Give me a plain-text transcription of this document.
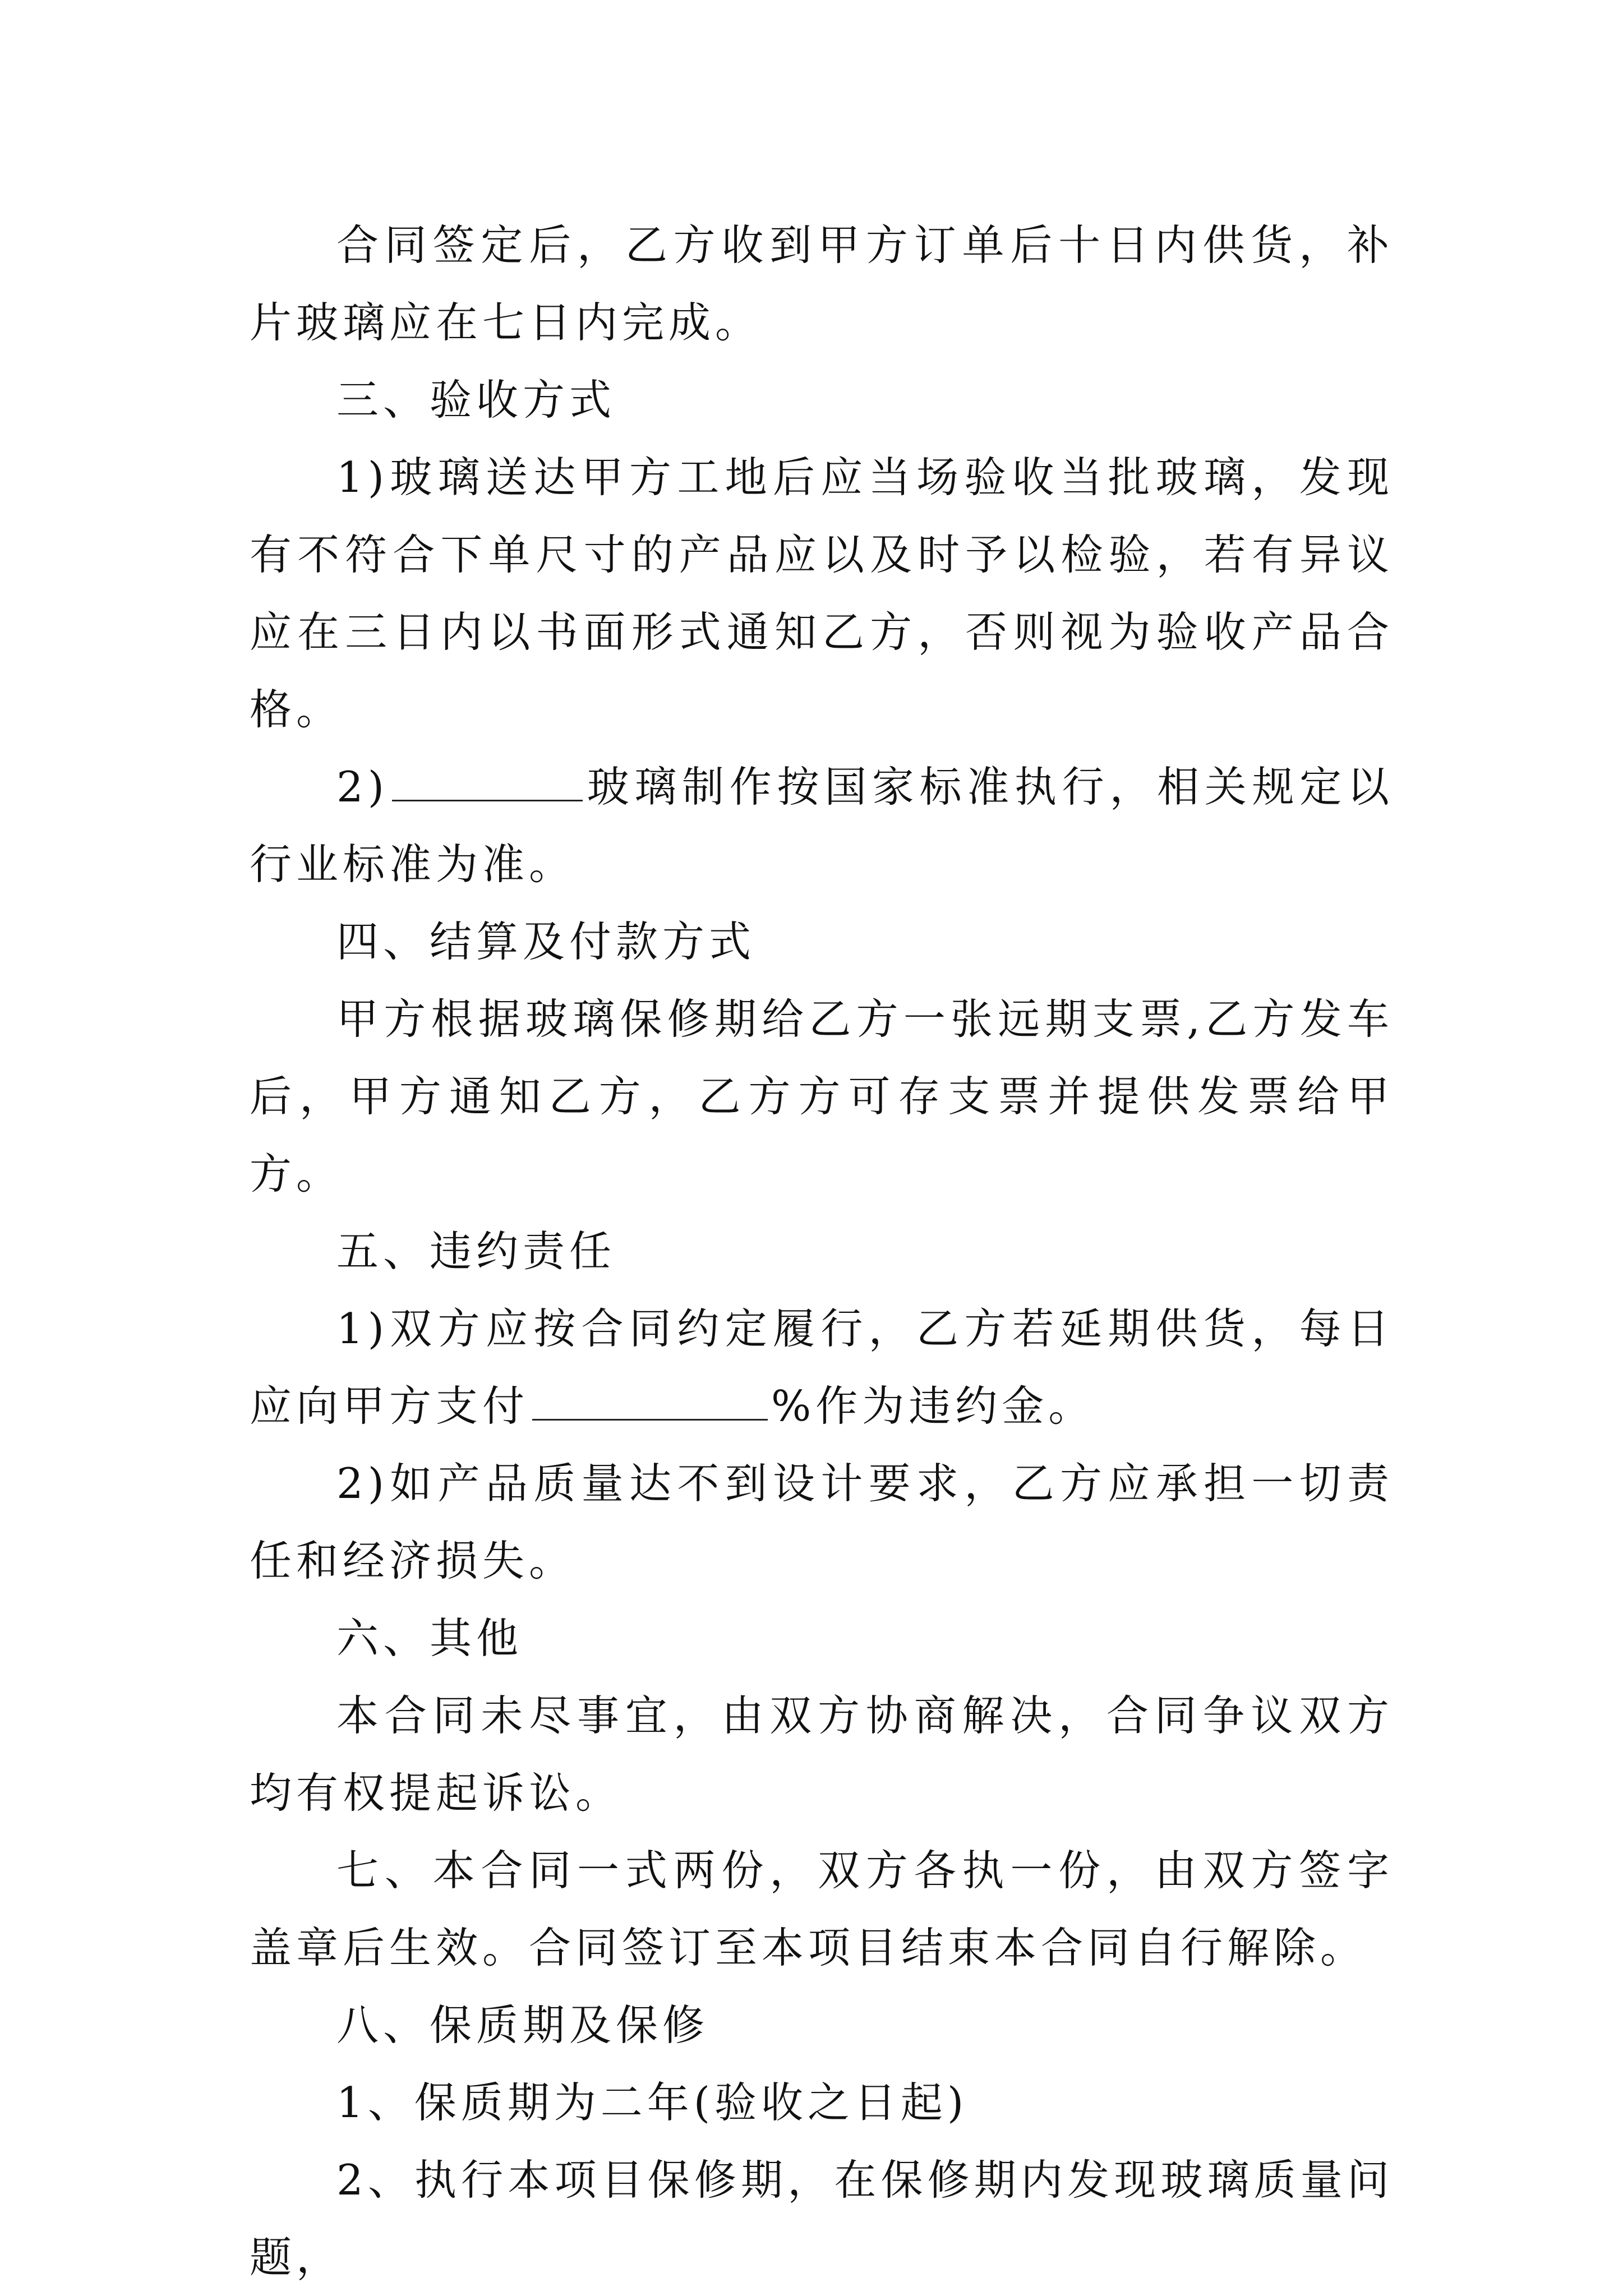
合同签定后，乙方收到甲方订单后十日内供货，补片玻璃应在七日内完成。

三、验收方式

1)玻璃送达甲方工地后应当场验收当批玻璃，发现有不符合下单尺寸的产品应以及时予以检验，若有异议应在三日内以书面形式通知乙方，否则视为验收产品合格。

2)	玻璃制作按国家标准执行，相关规定以行业标准为准。

四、结算及付款方式

甲方根据玻璃保修期给乙方一张远期支票,乙方发车后，甲方通知乙方，乙方方可存支票并提供发票给甲方。

五、违约责任

1)双方应按合同约定履行，乙方若延期供货，每日应向甲方支付	%作为违约金。

2)如产品质量达不到设计要求，乙方应承担一切责任和经济损失。

六、其他

本合同未尽事宜，由双方协商解决，合同争议双方均有权提起诉讼。

七、本合同一式两份，双方各执一份，由双方签字盖章后生效。合同签订至本项目结束本合同自行解除。

八、保质期及保修

1、保质期为二年(验收之日起)

2、执行本项目保修期，在保修期内发现玻璃质量问题，
